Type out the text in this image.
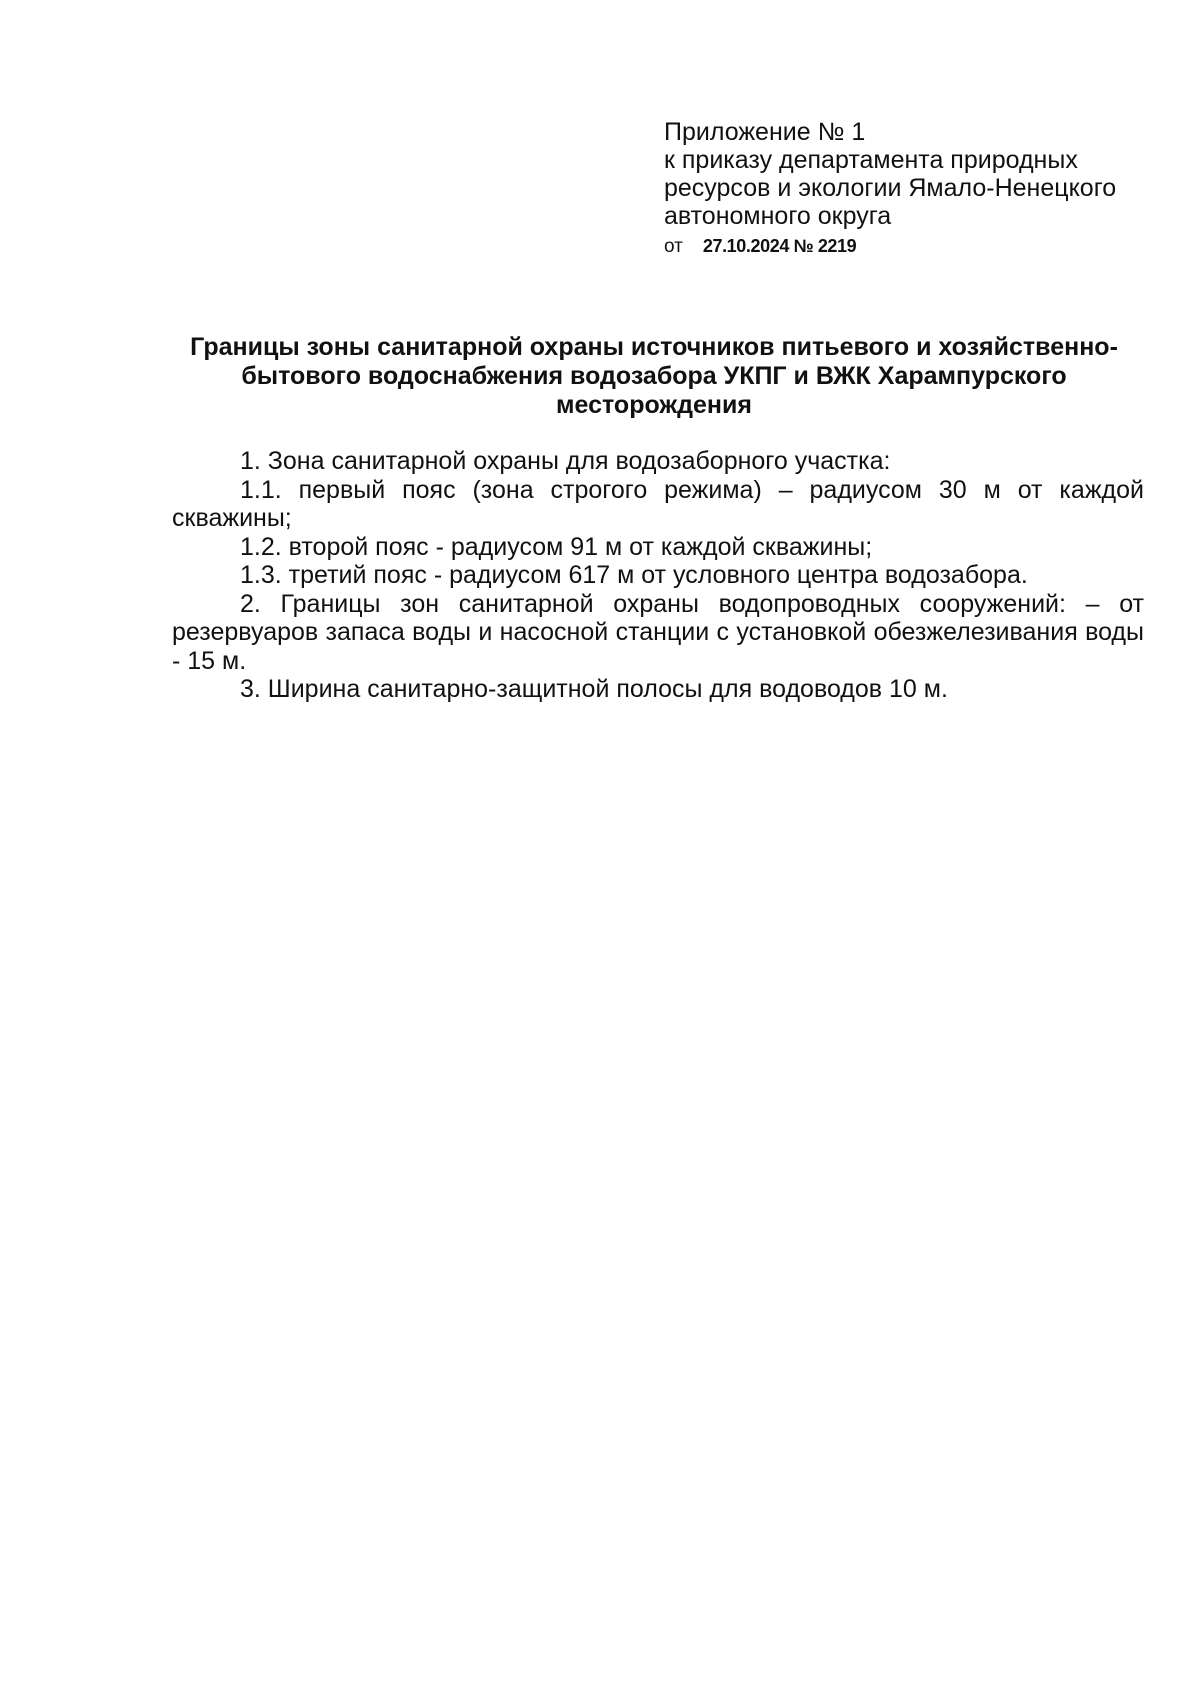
Приложение № 1
к приказу департамента природных
ресурсов и экологии Ямало-Ненецкого
автономного округа
от 27.10.2024 № 2219
Границы зоны санитарной охраны источников питьевого и хозяйственно-
бытового водоснабжения водозабора УКПГ и ВЖК Харампурского
месторождения

1. Зона санитарной охраны для водозаборного участка:

1.1. первый пояс (зона строгого режима) – радиусом 30 м от каждой скважины;

1.2. второй пояс - радиусом 91 м от каждой скважины;

1.3. третий пояс - радиусом 617 м от условного центра водозабора.

2. Границы зон санитарной охраны водопроводных сооружений: – от резервуаров запаса воды и насосной станции с установкой обезжелезивания воды - 15 м.

3. Ширина санитарно-защитной полосы для водоводов 10 м.
